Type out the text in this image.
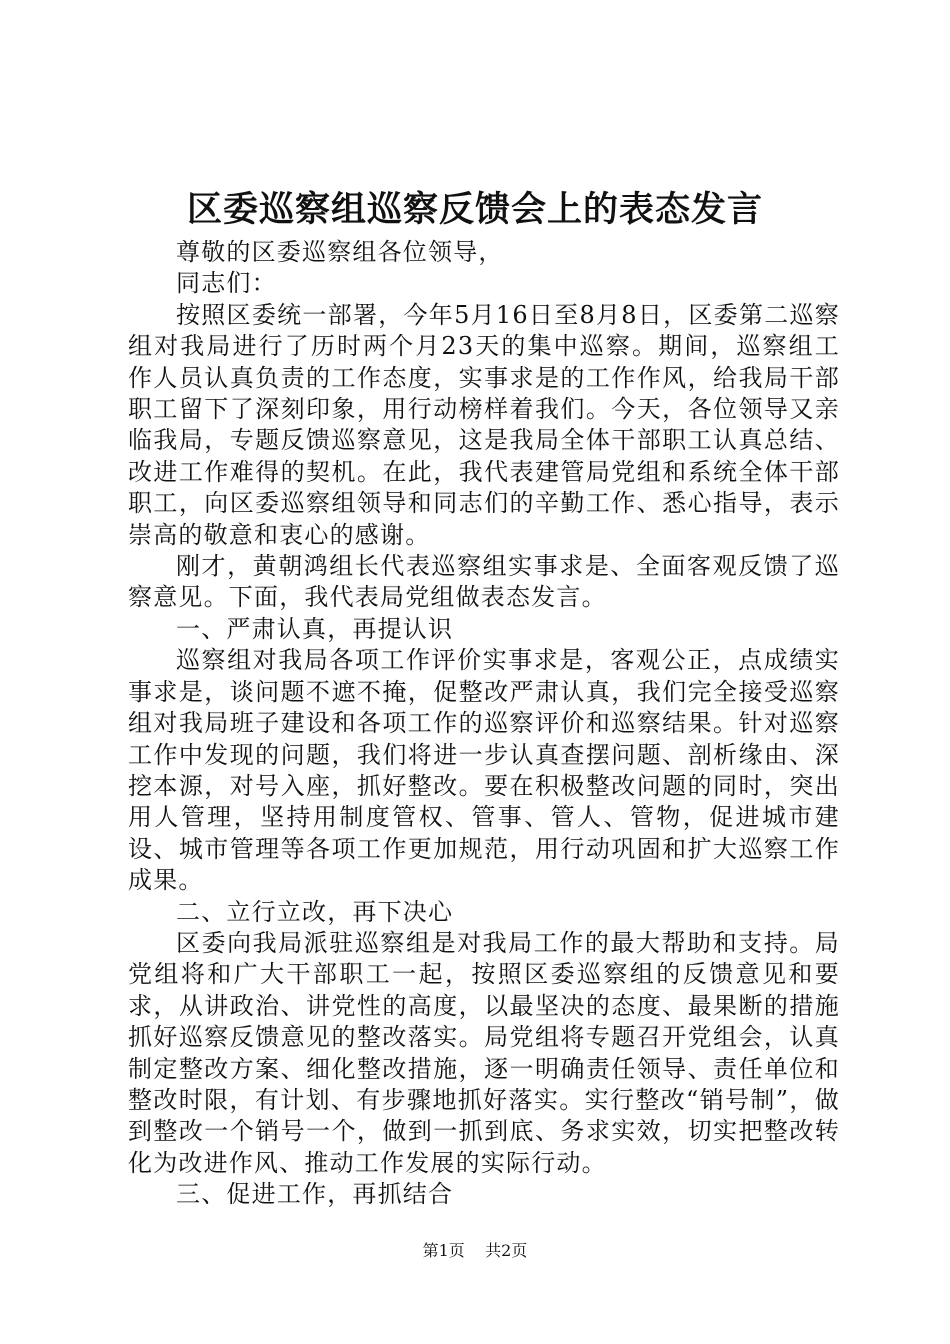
区委巡察组巡察反馈会上的表态发言

尊敬的区委巡察组各位领导，

同志们：

按照区委统一部署，今年5月16日至8月8日，区委第二巡察组对我局进行了历时两个月23天的集中巡察。期间，巡察组工作人员认真负责的工作态度，实事求是的工作作风，给我局干部职工留下了深刻印象，用行动榜样着我们。今天，各位领导又亲临我局，专题反馈巡察意见，这是我局全体干部职工认真总结、改进工作难得的契机。在此，我代表建管局党组和系统全体干部职工，向区委巡察组领导和同志们的辛勤工作、悉心指导，表示崇高的敬意和衷心的感谢。

刚才，黄朝鸿组长代表巡察组实事求是、全面客观反馈了巡察意见。下面，我代表局党组做表态发言。

一、严肃认真，再提认识

巡察组对我局各项工作评价实事求是，客观公正，点成绩实事求是，谈问题不遮不掩，促整改严肃认真，我们完全接受巡察组对我局班子建设和各项工作的巡察评价和巡察结果。针对巡察工作中发现的问题，我们将进一步认真查摆问题、剖析缘由、深挖本源，对号入座，抓好整改。要在积极整改问题的同时，突出用人管理，坚持用制度管权、管事、管人、管物，促进城市建设、城市管理等各项工作更加规范，用行动巩固和扩大巡察工作成果。

二、立行立改，再下决心

区委向我局派驻巡察组是对我局工作的最大帮助和支持。局党组将和广大干部职工一起，按照区委巡察组的反馈意见和要求，从讲政治、讲党性的高度，以最坚决的态度、最果断的措施抓好巡察反馈意见的整改落实。局党组将专题召开党组会，认真制定整改方案、细化整改措施，逐一明确责任领导、责任单位和整改时限，有计划、有步骤地抓好落实。实行整改“销号制”，做到整改一个销号一个，做到一抓到底、务求实效，切实把整改转化为改进作风、推动工作发展的实际行动。

三、促进工作，再抓结合

第1页 共2页
